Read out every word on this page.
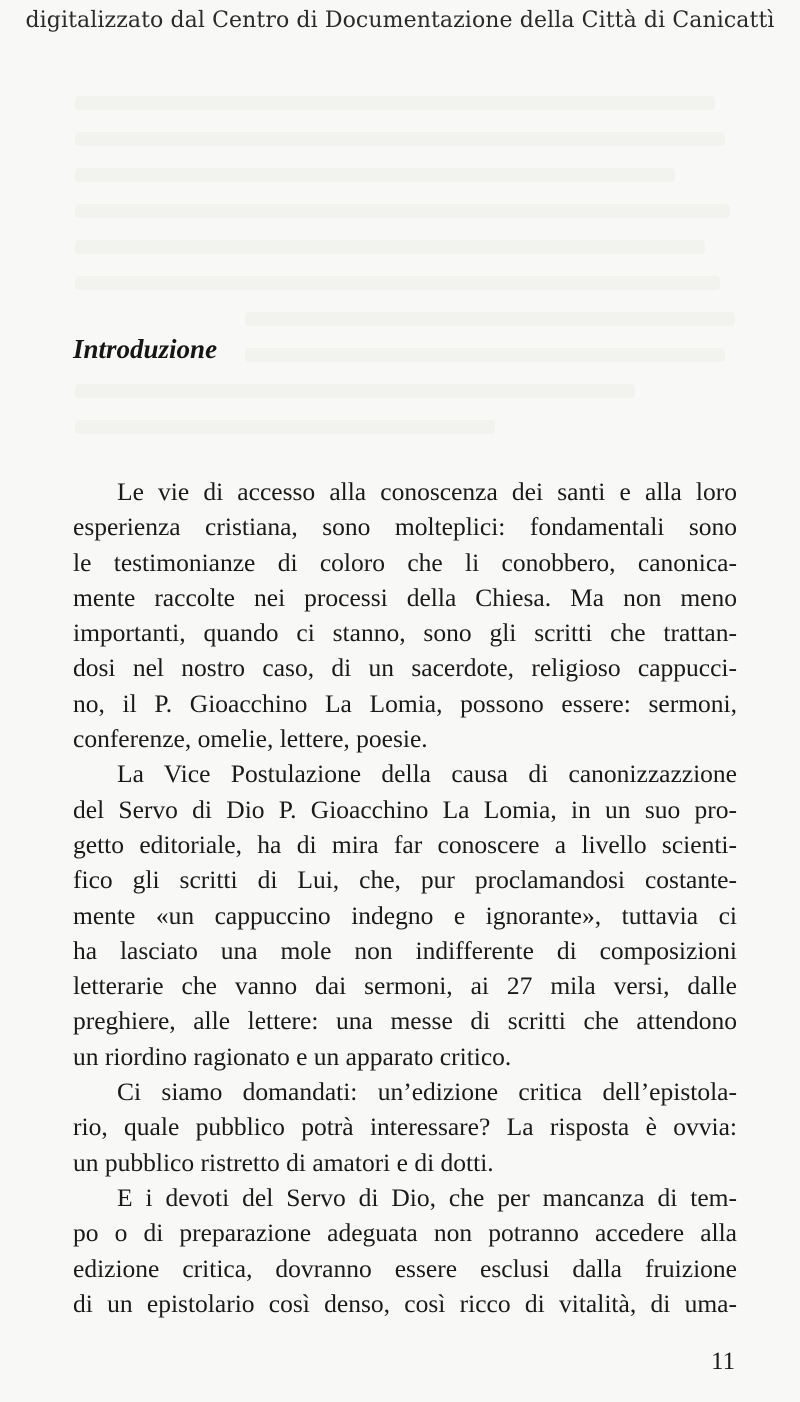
digitalizzato dal Centro di Documentazione della Città di Canicattì
Introduzione
Le vie di accesso alla conoscenza dei santi e alla loro
esperienza cristiana, sono molteplici: fondamentali sono
le testimonianze di coloro che li conobbero, canonica-
mente raccolte nei processi della Chiesa. Ma non meno
importanti, quando ci stanno, sono gli scritti che trattan-
dosi nel nostro caso, di un sacerdote, religioso cappucci-
no, il P. Gioacchino La Lomia, possono essere: sermoni,
conferenze, omelie, lettere, poesie.
La Vice Postulazione della causa di canonizzazzione
del Servo di Dio P. Gioacchino La Lomia, in un suo pro-
getto editoriale, ha di mira far conoscere a livello scienti-
fico gli scritti di Lui, che, pur proclamandosi costante-
mente «un cappuccino indegno e ignorante», tuttavia ci
ha lasciato una mole non indifferente di composizioni
letterarie che vanno dai sermoni, ai 27 mila versi, dalle
preghiere, alle lettere: una messe di scritti che attendono
un riordino ragionato e un apparato critico.
Ci siamo domandati: un’edizione critica dell’epistola-
rio, quale pubblico potrà interessare? La risposta è ovvia:
un pubblico ristretto di amatori e di dotti.
E i devoti del Servo di Dio, che per mancanza di tem-
po o di preparazione adeguata non potranno accedere alla
edizione critica, dovranno essere esclusi dalla fruizione
di un epistolario così denso, così ricco di vitalità, di uma-
11
